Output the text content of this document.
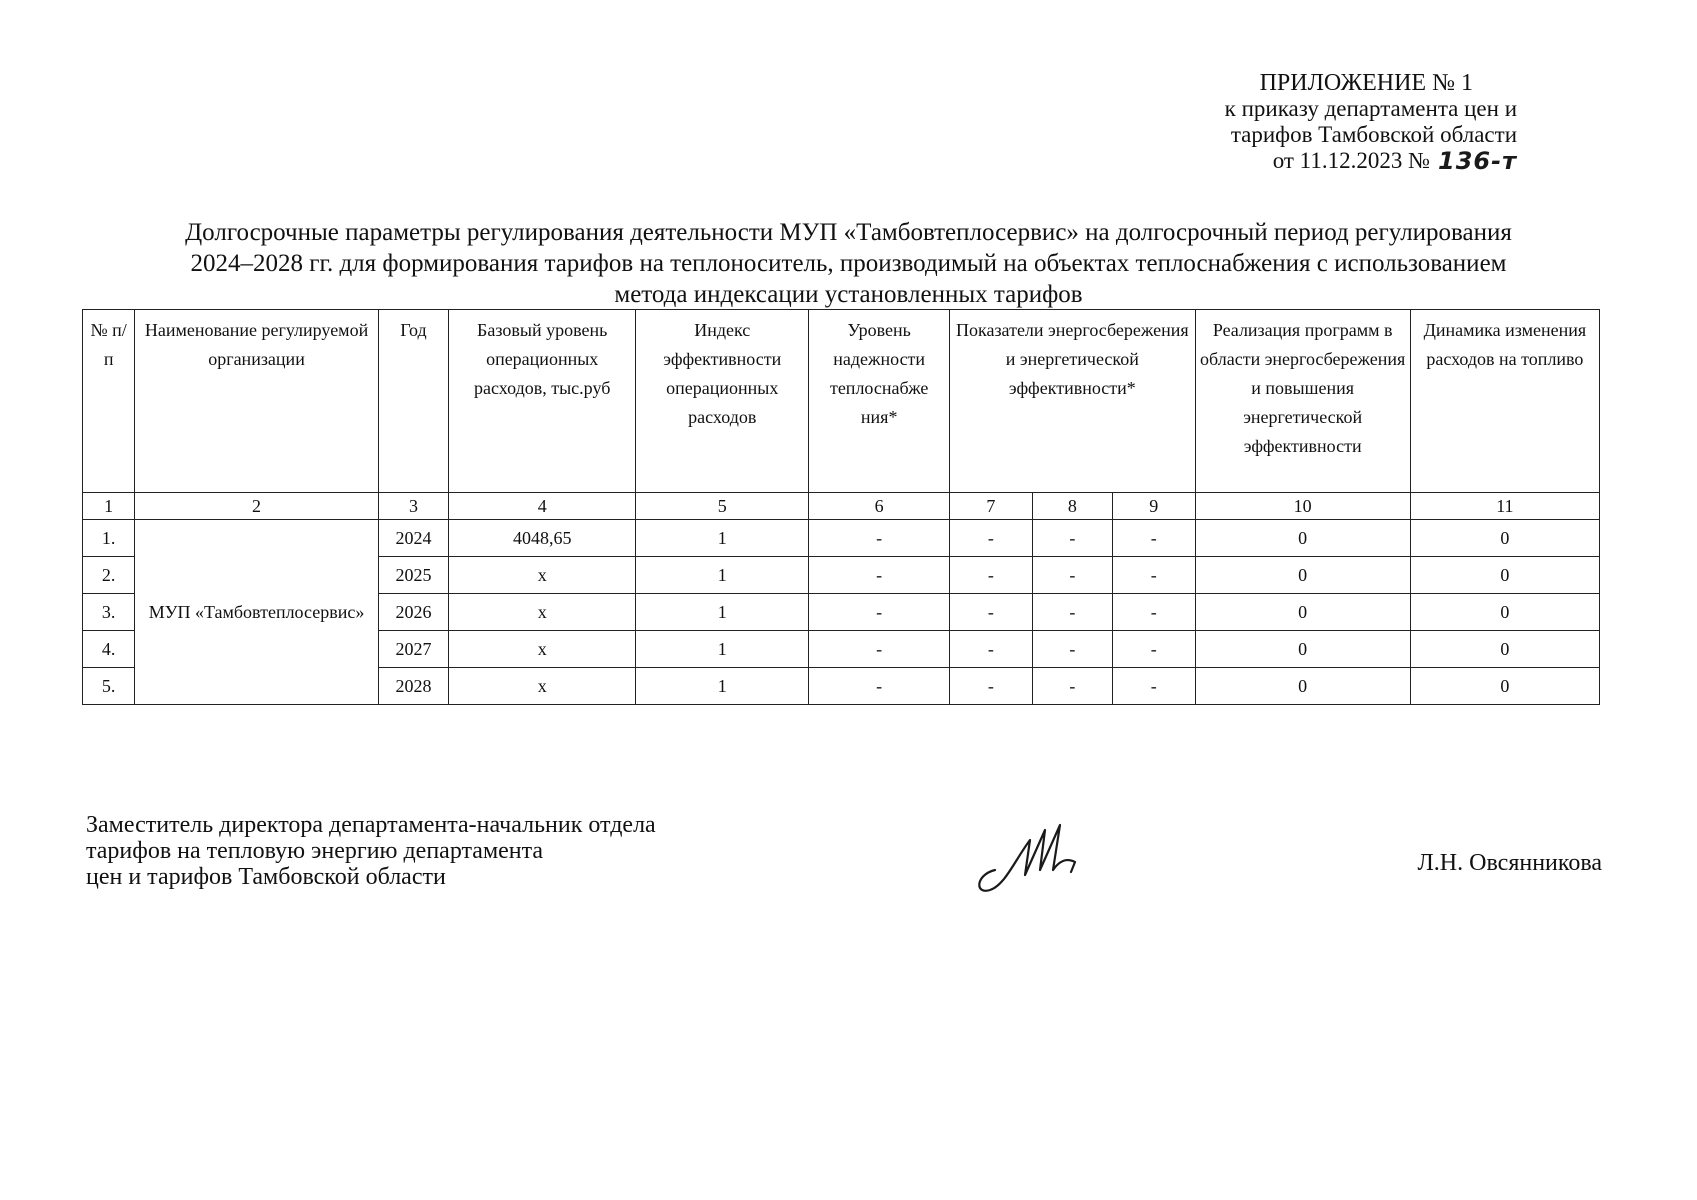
ПРИЛОЖЕНИЕ № 1
к приказу департамента цен и
тарифов Тамбовской области
от 11.12.2023 № 136-т
Долгосрочные параметры регулирования деятельности МУП «Тамбовтеплосервис» на долгосрочный период регулирования
2024–2028 гг. для формирования тарифов на теплоноситель, производимый на объектах теплоснабжения с использованием
метода индексации установленных тарифов
№ п/п	Наименование регулируемой организации	Год	Базовый уровень операционных расходов, тыс.руб	Индекс эффективности операционных расходов	Уровень надежности теплоснабже ния*	Показатели энергосбережения и энергетической эффективности*			Реализация программ в области энергосбережения и повышения энергетической эффективности	Динамика изменения расходов на топливо
1	2	3	4	5	6	7	8	9	10	11
1.	МУП «Тамбовтеплосервис»	2024	4048,65	1	-	-	-	-	0	0
2.		2025	x	1	-	-	-	-	0	0
3.		2026	x	1	-	-	-	-	0	0
4.		2027	x	1	-	-	-	-	0	0
5.		2028	x	1	-	-	-	-	0	0
Заместитель директора департамента-начальник отдела
тарифов на тепловую энергию департамента
цен и тарифов Тамбовской области
Л.Н. Овсянникова
